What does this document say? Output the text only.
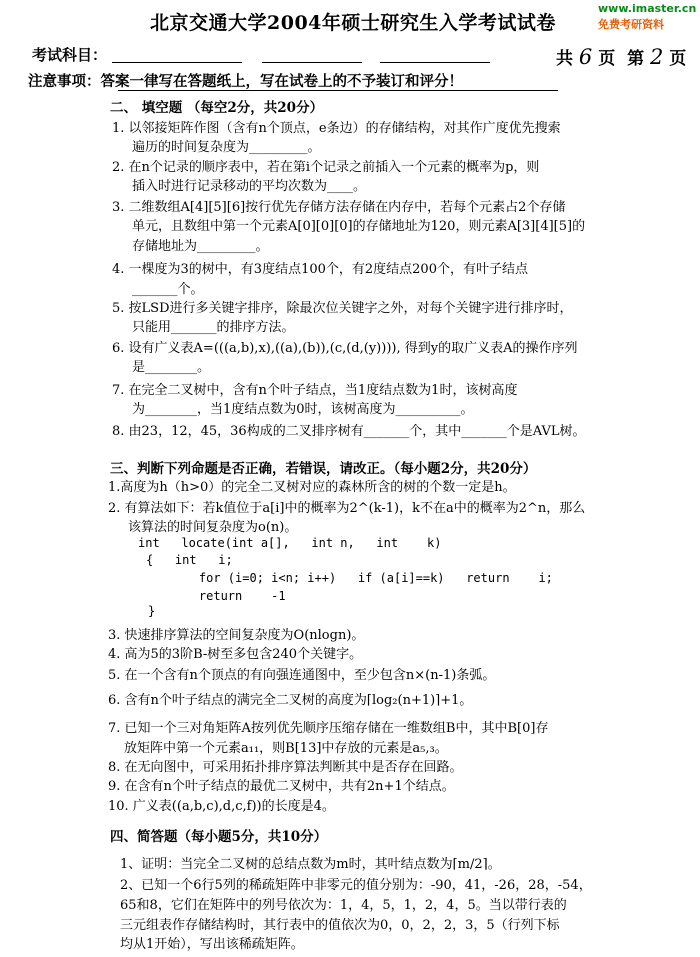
北京交通大学2004年硕士研究生入学考试试卷
www.imaster.cn
免费考研资料
考试科目：	共 6 页 第 2 页
注意事项：答案一律写在答题纸上，写在试卷上的不予装订和评分！
二、 填空题 （每空2分，共20分）
1. 以邻接矩阵作图（含有n个顶点，e条边）的存储结构，对其作广度优先搜索
遍历的时间复杂度为_________。
2. 在n个记录的顺序表中，若在第i个记录之前插入一个元素的概率为p，则
插入时进行记录移动的平均次数为____。
3. 二维数组A[4][5][6]按行优先存储方法存储在内存中，若每个元素占2个存储
单元，且数组中第一个元素A[0][0][0]的存储地址为120，则元素A[3][4][5]的
存储地址为_________。
4. 一棵度为3的树中，有3度结点100个，有2度结点200个，有叶子结点
_______个。
5. 按LSD进行多关键字排序，除最次位关键字之外，对每个关键字进行排序时，
只能用_______的排序方法。
6. 设有广义表A=(((a,b),x),((a),(b)),(c,(d,(y)))), 得到y的取广义表A的操作序列
是________。
7. 在完全二叉树中，含有n个叶子结点，当1度结点数为1时，该树高度
为________，当1度结点数为0时，该树高度为__________。
8. 由23，12，45，36构成的二叉排序树有_______个，其中_______个是AVL树。
三、判断下列命题是否正确，若错误，请改正。（每小题2分，共20分）
1.高度为h（h>0）的完全二叉树对应的森林所含的树的个数一定是h。
2. 有算法如下：若k值位于a[i]中的概率为2^(k-1)，k不在a中的概率为2^n，那么
该算法的时间复杂度为o(n)。
int   locate(int a[],   int n,   int    k)
{   int   i;
for (i=0; i<n; i++)   if (a[i]==k)   return    i;
return    -1
}
3. 快速排序算法的空间复杂度为O(nlogn)。
4. 高为5的3阶B-树至多包含240个关键字。
5. 在一个含有n个顶点的有向强连通图中，至少包含n×(n-1)条弧。
6. 含有n个叶子结点的满完全二叉树的高度为⌈log₂(n+1)⌉+1。
7. 已知一个三对角矩阵A按列优先顺序压缩存储在一维数组B中，其中B[0]存
放矩阵中第一个元素a₁₁，则B[13]中存放的元素是a₅,₃。
8. 在无向图中，可采用拓扑排序算法判断其中是否存在回路。
9. 在含有n个叶子结点的最优二叉树中，共有2n+1个结点。
10. 广义表((a,b,c),d,c,f))的长度是4。
四、简答题（每小题5分，共10分）
1、证明：当完全二叉树的总结点数为m时，其叶结点数为⌈m/2⌉。
2、已知一个6行5列的稀疏矩阵中非零元的值分别为：-90，41，-26，28，-54，
65和8，它们在矩阵中的列号依次为：1，4，5，1，2，4，5。当以带行表的
三元组表作存储结构时，其行表中的值依次为0，0，2，2，3，5（行列下标
均从1开始），写出该稀疏矩阵。
